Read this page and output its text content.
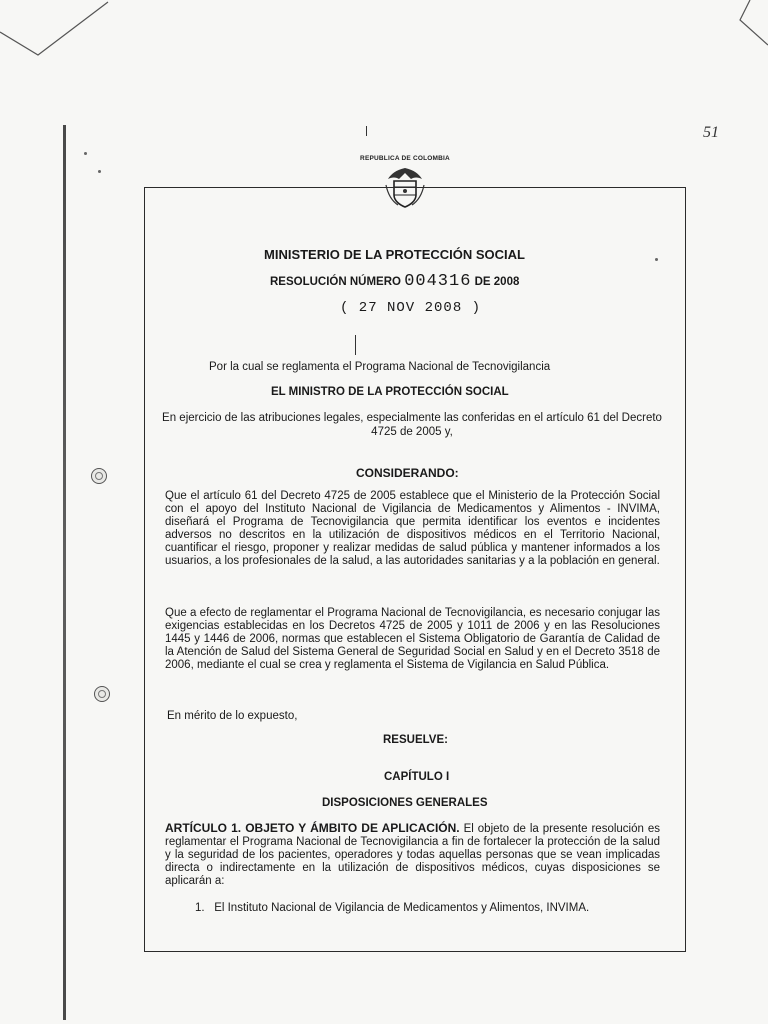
51
REPUBLICA DE COLOMBIA
MINISTERIO DE LA PROTECCIÓN SOCIAL
RESOLUCIÓN NÚMERO 004316 DE 2008
( 27 NOV 2008 )
Por la cual se reglamenta el Programa Nacional de Tecnovigilancia
EL MINISTRO DE LA PROTECCIÓN SOCIAL
En ejercicio de las atribuciones legales, especialmente las conferidas en el artículo 61 del Decreto 4725 de 2005 y,
CONSIDERANDO:
Que el artículo 61 del Decreto 4725 de 2005 establece que el Ministerio de la Protección Social con el apoyo del Instituto Nacional de Vigilancia de Medicamentos y Alimentos - INVIMA, diseñará el Programa de Tecnovigilancia que permita identificar los eventos e incidentes adversos no descritos en la utilización de dispositivos médicos en el Territorio Nacional, cuantificar el riesgo, proponer y realizar medidas de salud pública y mantener informados a los usuarios, a los profesionales de la salud, a las autoridades sanitarias y a la población en general.
Que a efecto de reglamentar el Programa Nacional de Tecnovigilancia, es necesario conjugar las exigencias establecidas en los Decretos 4725 de 2005 y 1011 de 2006 y en las Resoluciones 1445 y 1446 de 2006, normas que establecen el Sistema Obligatorio de Garantía de Calidad de la Atención de Salud del Sistema General de Seguridad Social en Salud y en el Decreto 3518 de 2006, mediante el cual se crea y reglamenta el Sistema de Vigilancia en Salud Pública.
En mérito de lo expuesto,
RESUELVE:
CAPÍTULO I
DISPOSICIONES GENERALES
ARTÍCULO 1. OBJETO Y ÁMBITO DE APLICACIÓN. El objeto de la presente resolución es reglamentar el Programa Nacional de Tecnovigilancia a fin de fortalecer la protección de la salud y la seguridad de los pacientes, operadores y todas aquellas personas que se vean implicadas directa o indirectamente en la utilización de dispositivos médicos, cuyas disposiciones se aplicarán a:
1. El Instituto Nacional de Vigilancia de Medicamentos y Alimentos, INVIMA.
